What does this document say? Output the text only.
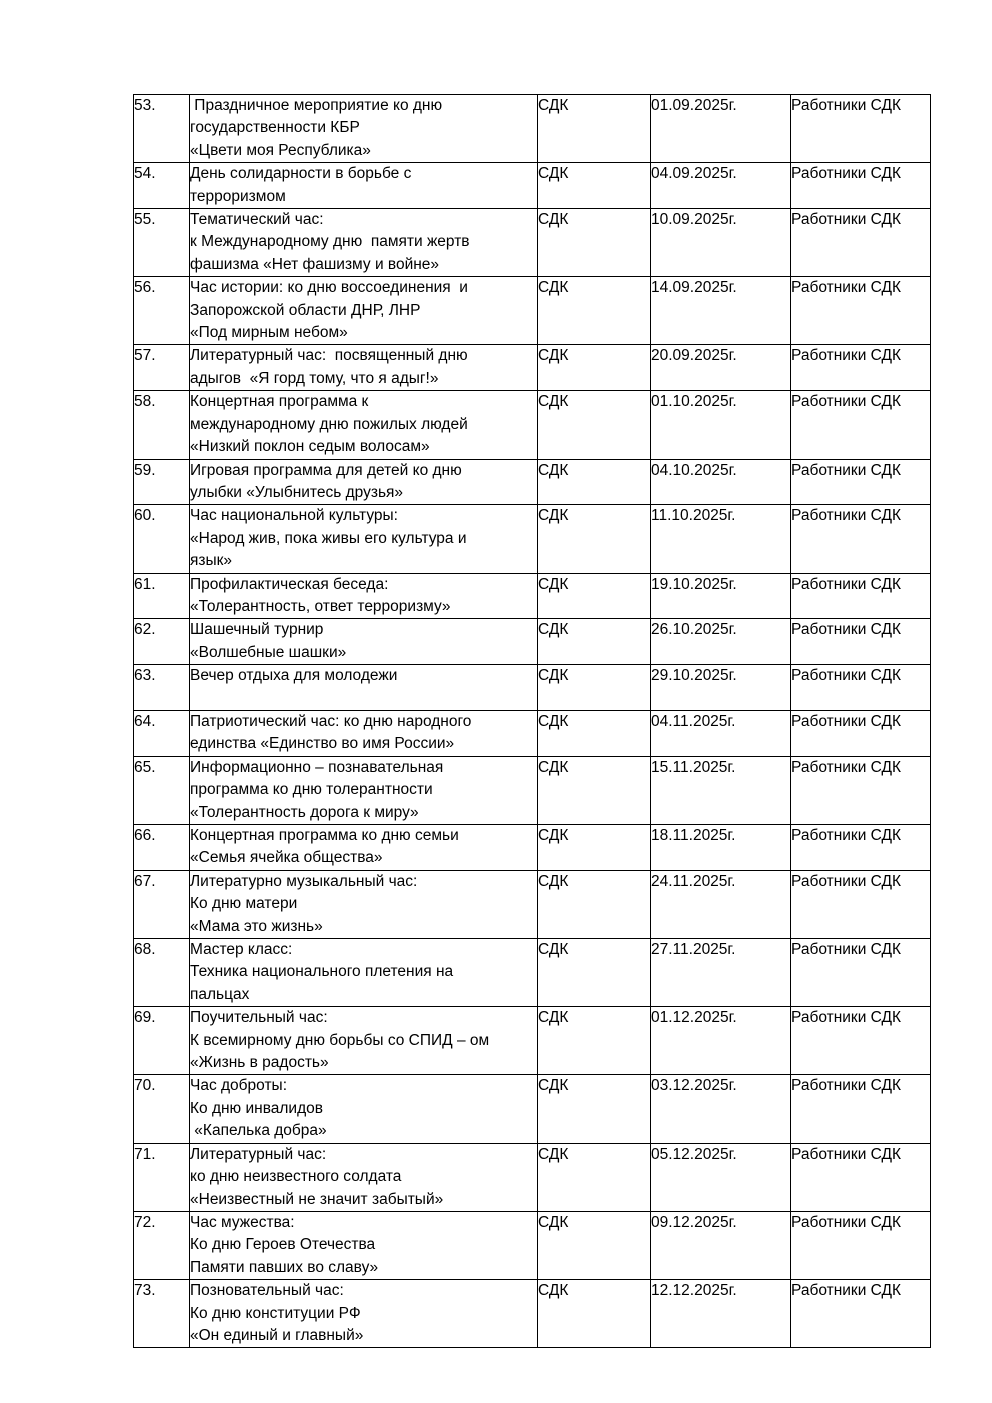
53.	Праздничное мероприятие ко дню
государственности КБР
«Цвети моя Республика»	СДК	01.09.2025г.	Работники СДК
54.	День солидарности в борьбе с
терроризмом	СДК	04.09.2025г.	Работники СДК
55.	Тематический час:
к Международному дню  памяти жертв
фашизма «Нет фашизму и войне»	СДК	10.09.2025г.	Работники СДК
56.	Час истории: ко дню воссоединения  и
Запорожской области ДНР, ЛНР
«Под мирным небом»	СДК	14.09.2025г.	Работники СДК
57.	Литературный час:  посвященный дню
адыгов  «Я горд тому, что я адыг!»	СДК	20.09.2025г.	Работники СДК
58.	Концертная программа к
международному дню пожилых людей
«Низкий поклон седым волосам»	СДК	01.10.2025г.	Работники СДК
59.	Игровая программа для детей ко дню
улыбки «Улыбнитесь друзья»	СДК	04.10.2025г.	Работники СДК
60.	Час национальной культуры:
«Народ жив, пока живы его культура и
язык»	СДК	11.10.2025г.	Работники СДК
61.	Профилактическая беседа:
«Толерантность, ответ терроризму»	СДК	19.10.2025г.	Работники СДК
62.	Шашечный турнир
«Волшебные шашки»	СДК	26.10.2025г.	Работники СДК
63.	Вечер отдыха для молодежи	СДК	29.10.2025г.	Работники СДК
64.	Патриотический час: ко дню народного
единства «Единство во имя России»	СДК	04.11.2025г.	Работники СДК
65.	Информационно – познавательная
программа ко дню толерантности
«Толерантность дорога к миру»	СДК	15.11.2025г.	Работники СДК
66.	Концертная программа ко дню семьи
«Семья ячейка общества»	СДК	18.11.2025г.	Работники СДК
67.	Литературно музыкальный час:
Ко дню матери
«Мама это жизнь»	СДК	24.11.2025г.	Работники СДК
68.	Мастер класс:
Техника национального плетения на
пальцах	СДК	27.11.2025г.	Работники СДК
69.	Поучительный час:
К всемирному дню борьбы со СПИД – ом
«Жизнь в радость»	СДК	01.12.2025г.	Работники СДК
70.	Час доброты:
Ко дню инвалидов
«Капелька добра»	СДК	03.12.2025г.	Работники СДК
71.	Литературный час:
ко дню неизвестного солдата
«Неизвестный не значит забытый»	СДК	05.12.2025г.	Работники СДК
72.	Час мужества:
Ко дню Героев Отечества
Памяти павших во славу»	СДК	09.12.2025г.	Работники СДК
73.	Позновательный час:
Ко дню конституции РФ
«Он единый и главный»	СДК	12.12.2025г.	Работники СДК
